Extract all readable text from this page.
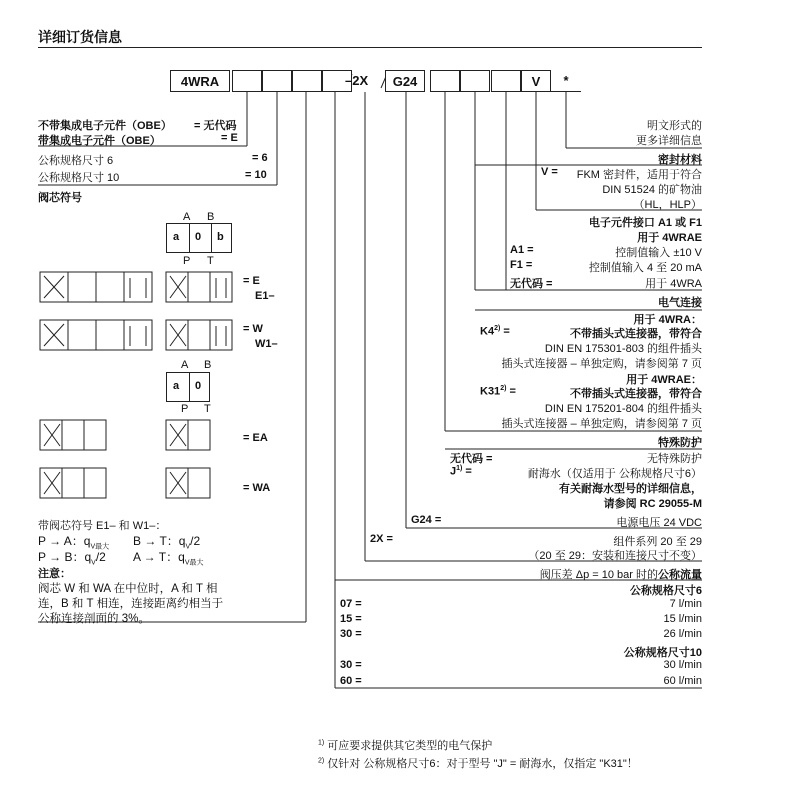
详细订货信息
4WRA	–2X	G24	V	*
不带集成电子元件（OBE） = 无代码
带集成电子元件（OBE）	= E
公称规格尺寸 6	= 6
公称规格尺寸 10	= 10
阀芯符号
A B
a 0 b
P T
= E
E1–
= W
W1–
A B
a 0
P T
= EA
= WA
带阀芯符号 E1– 和 W1–：
P → A：$q_{V最大}$ B → T：$q_V/2$
P → B：$q_V/2$ A → T：$q_{V最大}$
注意：
阀芯 W 和 WA 在中位时，A 和 T 相
连，B 和 T 相连，连接距离约相当于
公称连接剖面的 3%。
明文形式的
更多详细信息
密封材料
V = FKM 密封件，适用于符合
DIN 51524 的矿物油
（HL，HLP）
电子元件接口 A1 或 F1
用于 4WRAE
A1 =	控制值输入 ±10 V
F1 =	控制值输入 4 至 20 mA
无代码 =	用于 4WRA
电气连接
用于 4WRA：
$K4^{2)}$ =	不带插头式连接器，带符合
DIN EN 175301-803 的组件插头
插头式连接器 – 单独定购，请参阅第 7 页
用于 4WRAE：
$K31^{2)}$ =	不带插头式连接器，带符合
DIN EN 175201-804 的组件插头
插头式连接器 – 单独定购，请参阅第 7 页
特殊防护
无代码 =	无特殊防护
$J^{1)}$ =	耐海水（仅适用于 公称规格尺寸6）
有关耐海水型号的详细信息，
请参阅 RC 29055-M
G24 =	电源电压 24 VDC
2X =	组件系列 20 至 29
（20 至 29：安装和连接尺寸不变）
阀压差 Δp = 10 bar 时的公称流量
公称规格尺寸6
07 =	7 l/min
15 =	15 l/min
30 =	26 l/min
公称规格尺寸10
30 =	30 l/min
60 =	60 l/min
$^{1)}$ 可应要求提供其它类型的电气保护
$^{2)}$ 仅针对 公称规格尺寸6：对于型号 "J" = 耐海水，仅指定 "K31"！
